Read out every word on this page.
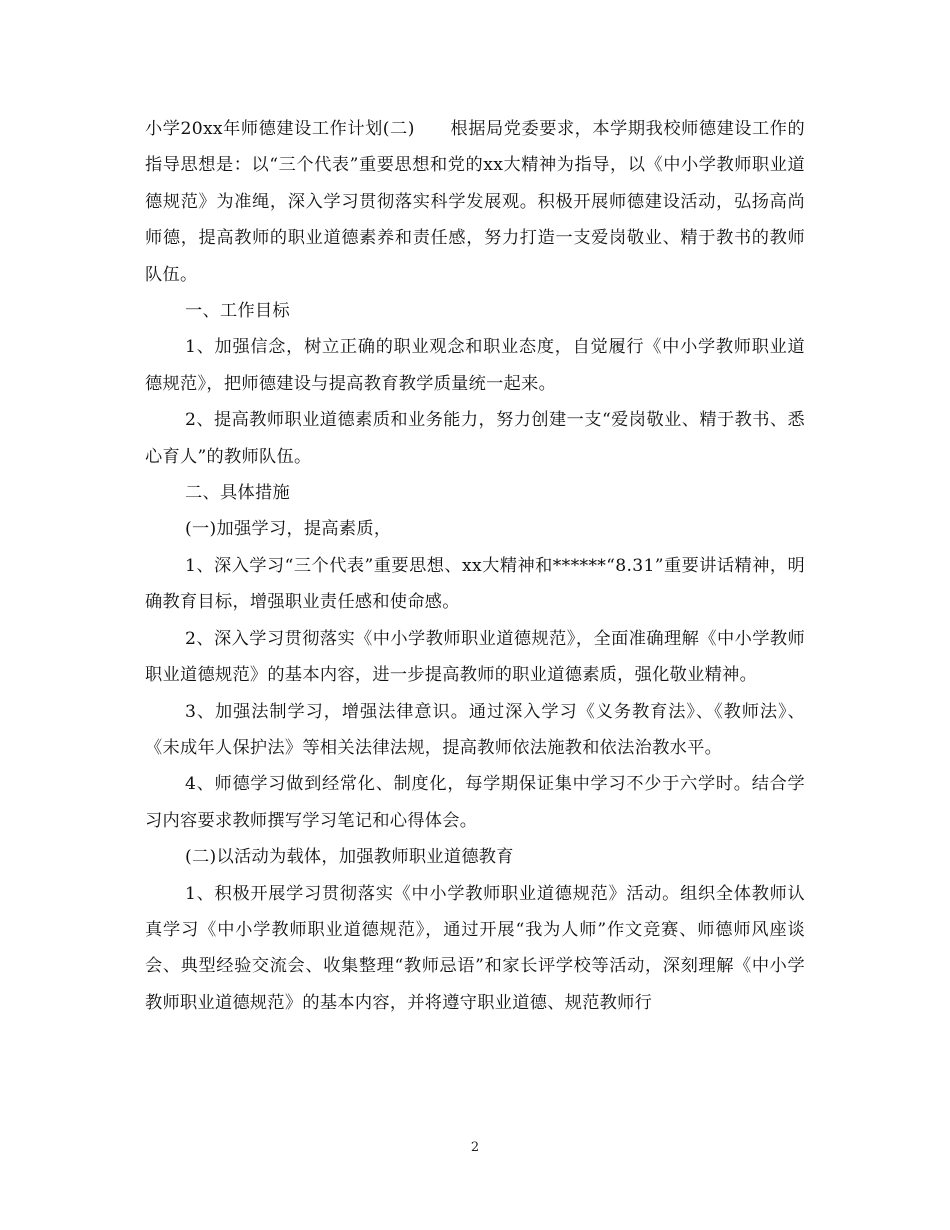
小学20xx年师德建设工作计划(二)　　根据局党委要求，本学期我校师德建设工作的指导思想是：以“三个代表”重要思想和党的xx大精神为指导，以《中小学教师职业道德规范》为准绳，深入学习贯彻落实科学发展观。积极开展师德建设活动，弘扬高尚师德，提高教师的职业道德素养和责任感，努力打造一支爱岗敬业、精于教书的教师队伍。

一、工作目标

1、加强信念，树立正确的职业观念和职业态度，自觉履行《中小学教师职业道德规范》，把师德建设与提高教育教学质量统一起来。

2、提高教师职业道德素质和业务能力，努力创建一支“爱岗敬业、精于教书、悉心育人”的教师队伍。

二、具体措施

(一)加强学习，提高素质，

1、深入学习“三个代表”重要思想、xx大精神和******“8.31”重要讲话精神，明确教育目标，增强职业责任感和使命感。

2、深入学习贯彻落实《中小学教师职业道德规范》，全面准确理解《中小学教师职业道德规范》的基本内容，进一步提高教师的职业道德素质，强化敬业精神。

3、加强法制学习，增强法律意识。通过深入学习《义务教育法》、《教师法》、《未成年人保护法》等相关法律法规，提高教师依法施教和依法治教水平。

4、师德学习做到经常化、制度化，每学期保证集中学习不少于六学时。结合学习内容要求教师撰写学习笔记和心得体会。

(二)以活动为载体，加强教师职业道德教育

1、积极开展学习贯彻落实《中小学教师职业道德规范》活动。组织全体教师认真学习《中小学教师职业道德规范》，通过开展“我为人师”作文竞赛、师德师风座谈会、典型经验交流会、收集整理“教师忌语”和家长评学校等活动，深刻理解《中小学教师职业道德规范》的基本内容，并将遵守职业道德、规范教师行

2
